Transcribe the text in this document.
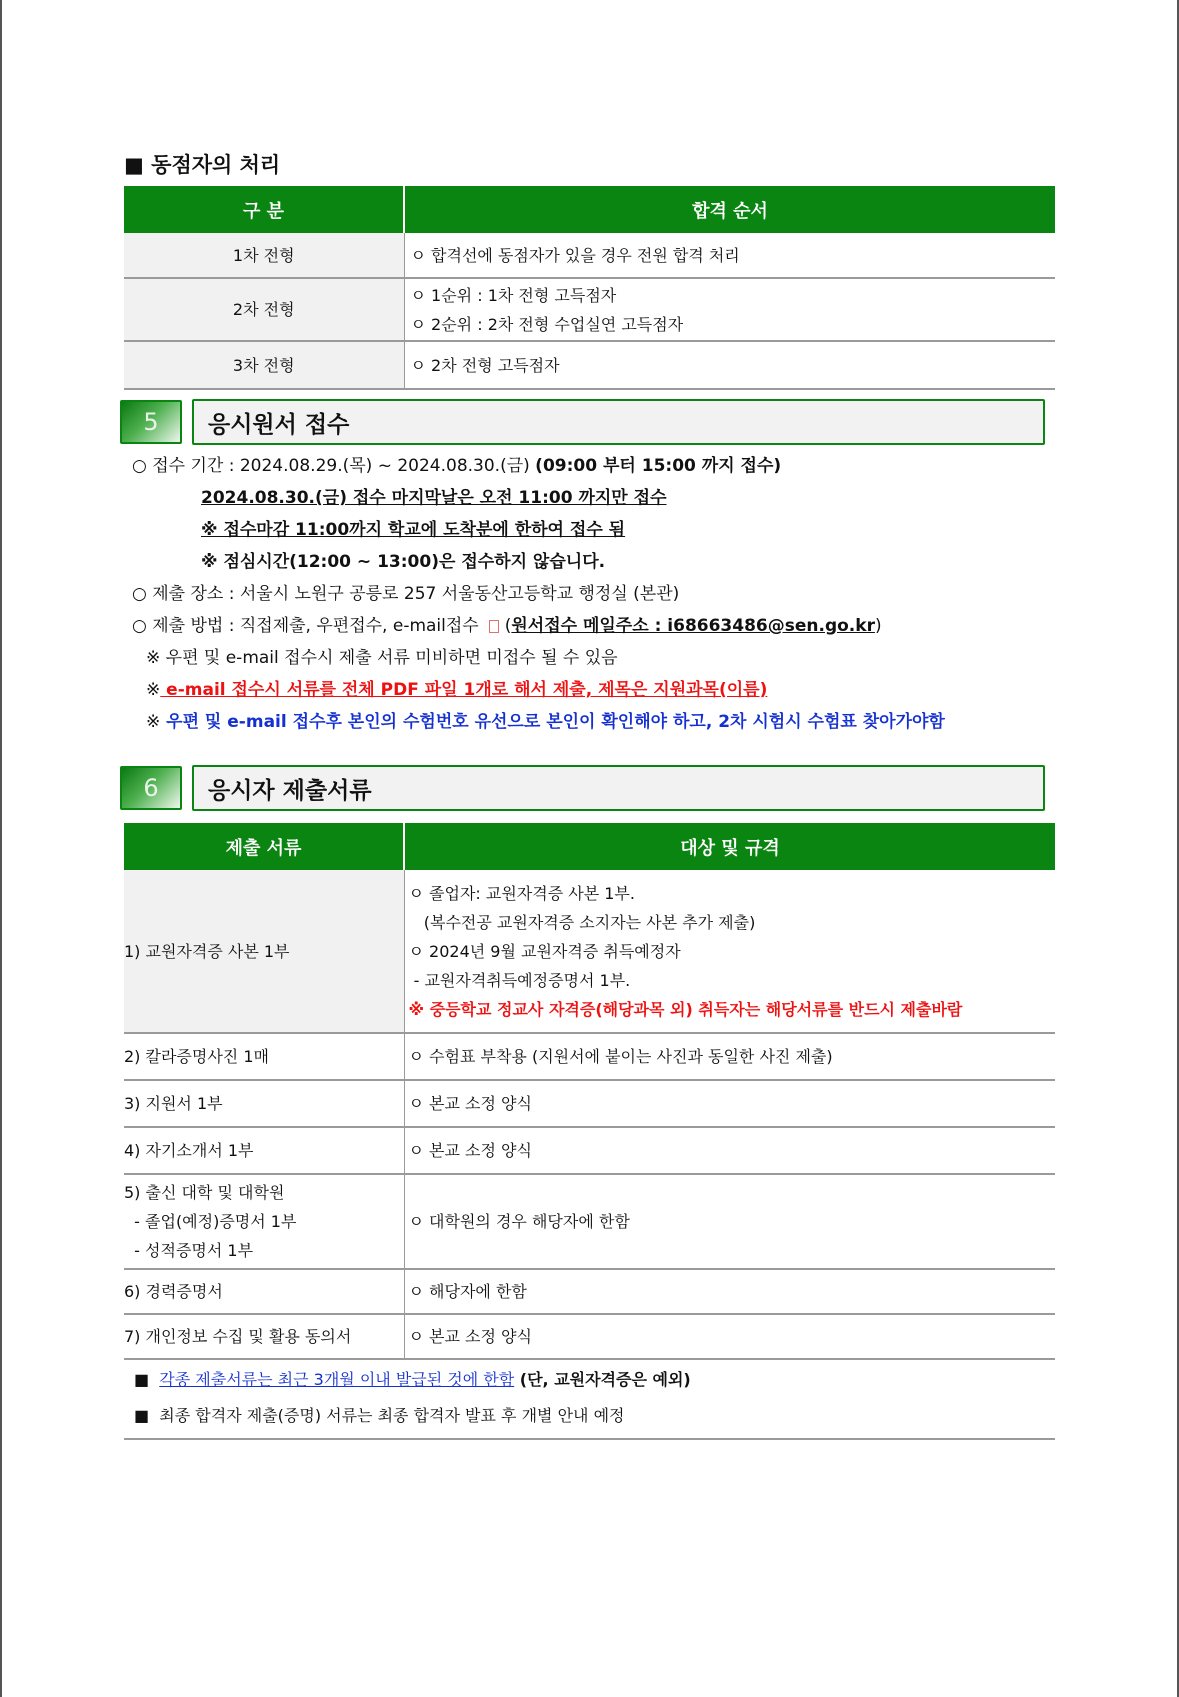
■ 동점자의 처리
구 분	합격 순서
1차 전형	ㅇ 합격선에 동점자가 있을 경우 전원 합격 처리
2차 전형	ㅇ 1순위 : 1차 전형 고득점자
ㅇ 2순위 : 2차 전형 수업실연 고득점자

3차 전형	ㅇ 2차 전형 고득점자
5	응시원서 접수
○ 접수 기간 : 2024.08.29.(목) ~ 2024.08.30.(금) (09:00 부터 15:00 까지 접수)
2024.08.30.(금) 접수 마지막날은 오전 11:00 까지만 접수
※ 접수마감 11:00까지 학교에 도착분에 한하여 접수 됨
※ 점심시간(12:00 ~ 13:00)은 접수하지 않습니다.
○ 제출 장소 : 서울시 노원구 공릉로 257 서울동산고등학교 행정실 (본관)
○ 제출 방법 : 직접제출, 우편접수, e-mail접수 (원서접수 메일주소 : i68663486@sen.go.kr)
※ 우편 및 e-mail 접수시 제출 서류 미비하면 미접수 될 수 있음
※ e-mail 접수시 서류를 전체 PDF 파일 1개로 해서 제출, 제목은 지원과목(이름)
※ 우편 및 e-mail 접수후 본인의 수험번호 유선으로 본인이 확인해야 하고, 2차 시험시 수험표 찾아가야함
6	응시자 제출서류
제출 서류	대상 및 규격
1) 교원자격증 사본 1부	ㅇ 졸업자: 교원자격증 사본 1부.
(복수전공 교원자격증 소지자는 사본 추가 제출)
ㅇ 2024년 9월 교원자격증 취득예정자
- 교원자격취득예정증명서 1부.
※ 중등학교 정교사 자격증(해당과목 외) 취득자는 해당서류를 반드시 제출바람

2) 칼라증명사진 1매	ㅇ 수험표 부착용 (지원서에 붙이는 사진과 동일한 사진 제출)
3) 지원서 1부	ㅇ 본교 소정 양식
4) 자기소개서 1부	ㅇ 본교 소정 양식

5) 출신 대학 및 대학원
- 졸업(예정)증명서 1부
- 성적증명서 1부	ㅇ 대학원의 경우 해당자에 한함
6) 경력증명서	ㅇ 해당자에 한함
7) 개인정보 수집 및 활용 동의서	ㅇ 본교 소정 양식
■ 각종 제출서류는 최근 3개월 이내 발급된 것에 한함 (단, 교원자격증은 예외)
■ 최종 합격자 제출(증명) 서류는 최종 합격자 발표 후 개별 안내 예정
